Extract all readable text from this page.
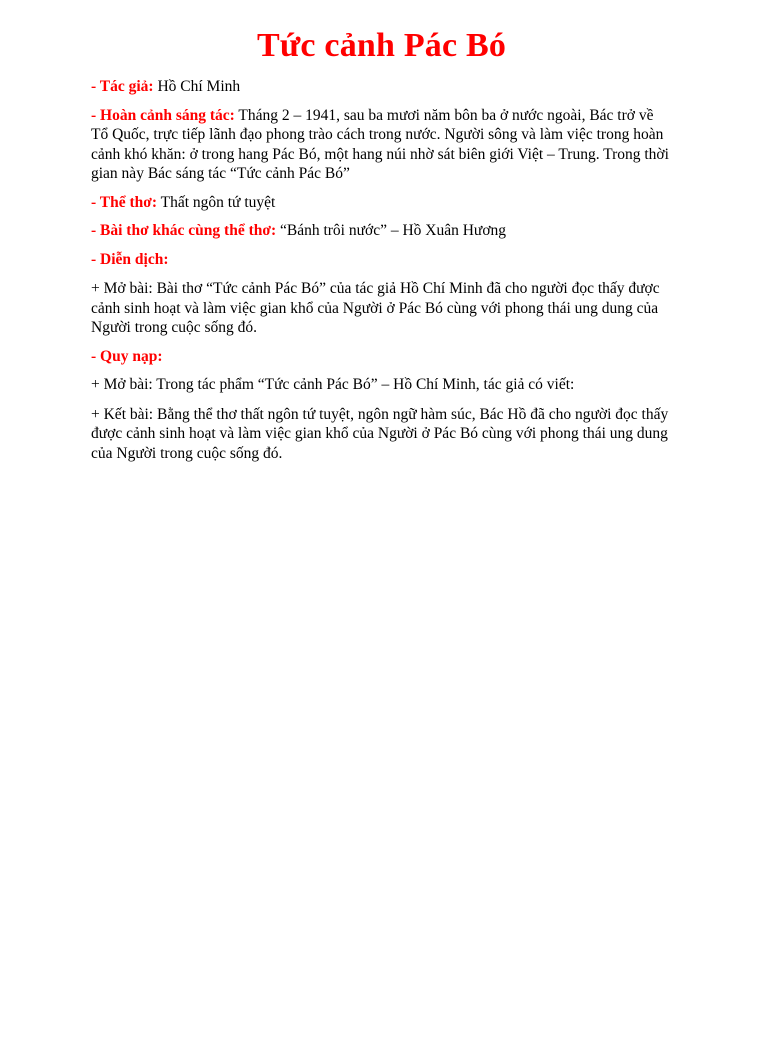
Tức cảnh Pác Bó

- Tác giả: Hồ Chí Minh

- Hoàn cảnh sáng tác: Tháng 2 – 1941, sau ba mươi năm bôn ba ở nước ngoài, Bác trở về Tổ Quốc, trực tiếp lãnh đạo phong trào cách trong nước. Người sông và làm việc trong hoàn cảnh khó khăn: ở trong hang Pác Bó, một hang núi nhờ sát biên giới Việt – Trung. Trong thời gian này Bác sáng tác “Tức cảnh Pác Bó”

- Thể thơ: Thất ngôn tứ tuyệt

- Bài thơ khác cùng thể thơ: “Bánh trôi nước” – Hồ Xuân Hương

- Diễn dịch:

+ Mở bài: Bài thơ “Tức cảnh Pác Bó” của tác giả Hồ Chí Minh đã cho người đọc thấy được cảnh sinh hoạt và làm việc gian khổ của Người ở Pác Bó cùng với phong thái ung dung của Người trong cuộc sống đó.

- Quy nạp:

+ Mở bài: Trong tác phẩm “Tức cảnh Pác Bó” – Hồ Chí Minh, tác giả có viết:

+ Kết bài: Bằng thể thơ thất ngôn tứ tuyệt, ngôn ngữ hàm súc, Bác Hồ đã cho người đọc thấy được cảnh sinh hoạt và làm việc gian khổ của Người ở Pác Bó cùng với phong thái ung dung của Người trong cuộc sống đó.
